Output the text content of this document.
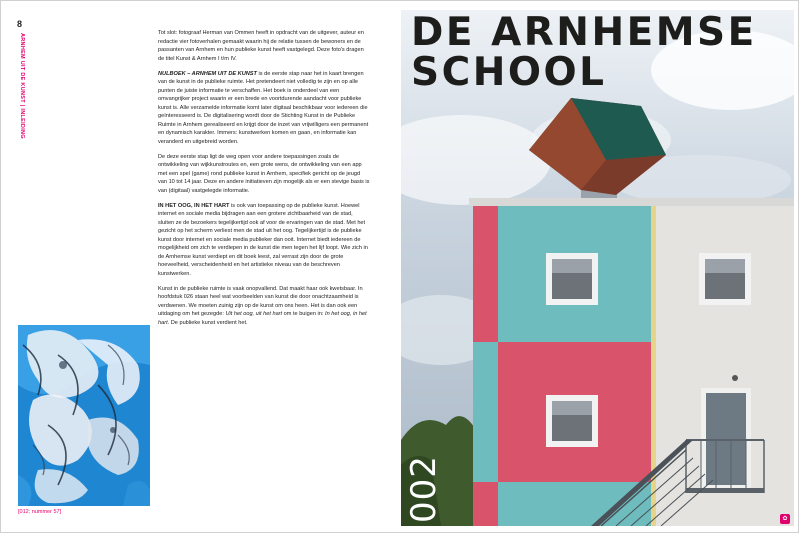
8
ARNHEM UIT DE KUNST | INLEIDING	Tot slot: fotograaf Herman van Ommen heeft in opdracht van de uitgever, auteur en redactie vier fotoverhalen gemaakt waarin hij de relatie tussen de bewoners en de passanten van Arnhem en hun publieke kunst heeft vastgelegd. Deze foto's dragen de titel Kunst & Arnhem I t/m IV.

NULBOEK – ARNHEM UIT DE KUNST is de eerste stap naar het in kaart brengen van de kunst in de publieke ruimte. Het pretendeert niet volledig te zijn en op alle punten de juiste informatie te verschaffen. Het boek is onderdeel van een omvangrijker project waarin er een brede en voortdurende aandacht voor publieke kunst is. Alle verzamelde informatie komt later digitaal beschikbaar voor iedereen die geïnteresseerd is. De digitalisering wordt door de Stichting Kunst in de Publieke Ruimte in Arnhem gerealiseerd en krijgt door de inzet van vrijwilligers een permanent en dynamisch karakter. Immers: kunstwerken komen en gaan, en informatie kan veranderd en uitgebreid worden.

De deze eerste stap ligt de weg open voor andere toepassingen zoals de ontwikkeling van wijkkunstroutes en, een grote wens, de ontwikkeling van een app met een spel (game) rond publieke kunst in Arnhem, specifiek gericht op de jeugd van 10 tot 14 jaar. Deze en andere initiatieven zijn mogelijk als er een stevige basis is van (digitaal) vastgelegde informatie.

IN HET OOG, IN HET HART is ook van toepassing op de publieke kunst. Hoewel internet en sociale media bijdragen aan een grotere zichtbaarheid van de stad, sluiten ze de bezoekers tegelijkertijd ook af voor de ervaringen van de stad. Met het gezicht op het scherm verliest men de stad uit het oog. Tegelijkertijd is de publieke kunst door internet en sociale media publieker dan ooit. Internet biedt iedereen de mogelijkheid om zich te verdiepen in de kunst die men tegen het lijf loopt. Wie zich in de Arnhemse kunst verdiept en dit boek leest, zal verrast zijn door de grote hoeveelheid, verscheidenheid en het artistieke niveau van de beschreven kunstwerken.

Kunst in de publieke ruimte is vaak onopvallend. Dat maakt haar ook kwetsbaar. In hoofdstuk 026 staan heel wat voorbeelden van kunst die door onachtzaamheid is verdwenen. We moeten zuinig zijn op de kunst om ons heen. Het is dan ook een uitdaging om het gezegde: Uit het oog, uit het hart om te buigen in: In het oog, in het hart. De publieke kunst verdient het.

[012; nummer 57]
DE ARNHEMSE
SCHOOL
002	✿
